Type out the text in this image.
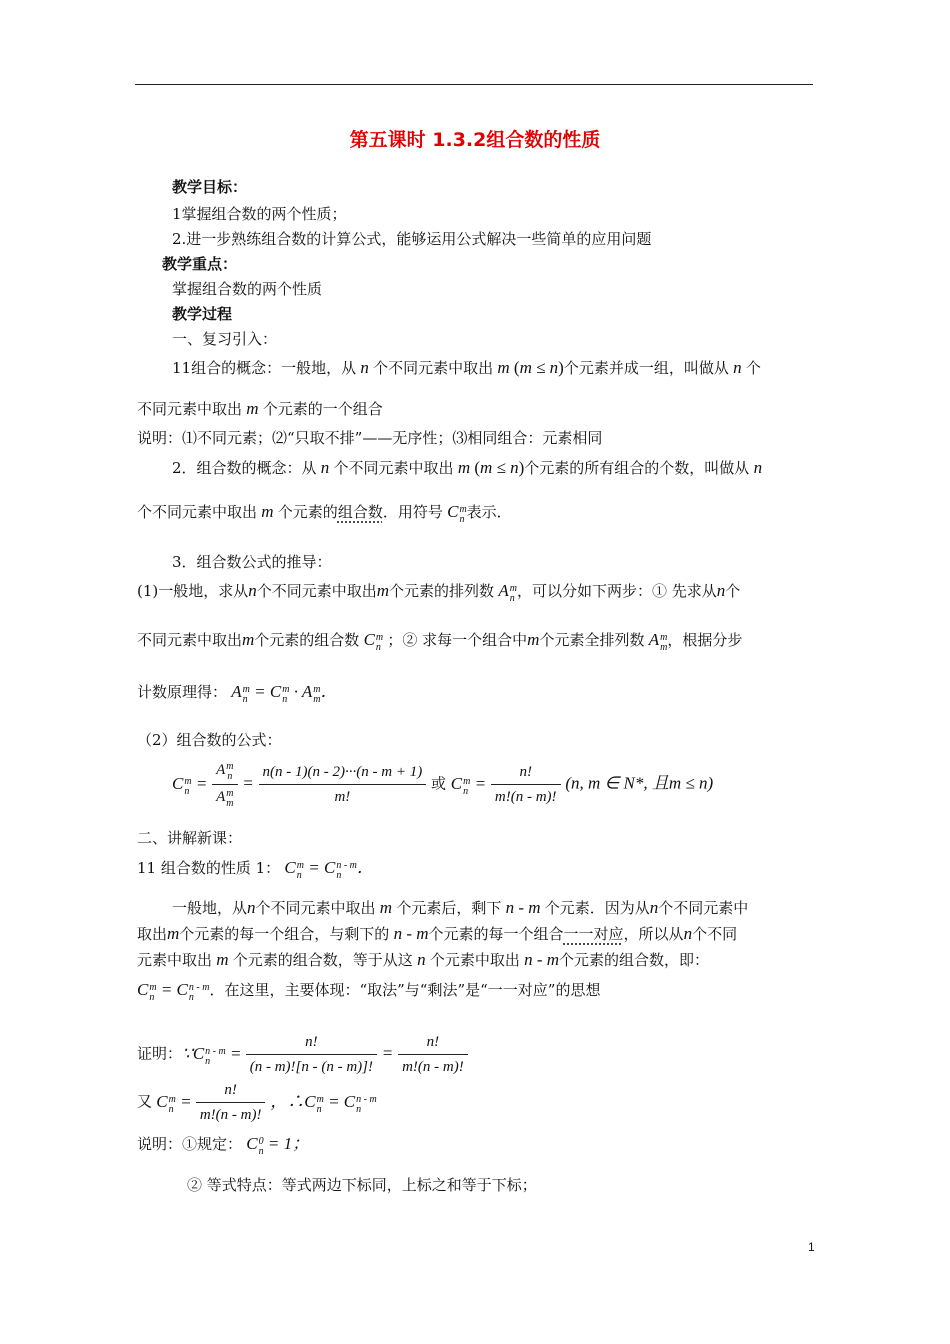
第五课时 1.3.2组合数的性质
教学目标：
1掌握组合数的两个性质；
2.进一步熟练组合数的计算公式，能够运用公式解决一些简单的应用问题
教学重点：
掌握组合数的两个性质
教学过程
一、复习引入：
11组合的概念：一般地，从 n 个不同元素中取出 m (m ≤ n)个元素并成一组，叫做从 n 个
不同元素中取出 m 个元素的一个组合
说明：⑴不同元素；⑵“只取不排”——无序性；⑶相同组合：元素相同
2．组合数的概念：从 n 个不同元素中取出 m (m ≤ n)个元素的所有组合的个数，叫做从 n
个不同元素中取出 m 个元素的组合数．用符号 C m
n 表示．
3．组合数公式的推导：
(1)一般地，求从n个不同元素中取出m个元素的排列数 A m
n ，可以分如下两步：① 先求从n个
不同元素中取出m个元素的组合数 C m
n ；② 求每一个组合中m个元素全排列数 A m
m ，根据分步
计数原理得： A m
n = C m
n · A m
m ．
（2）组合数的公式：
C m
n = A m
n
A m
$m = \frac{n(n - 1)(n - 2)\cdot\cdot\cdot(n - m + 1)}{m!}$ 或 C m
$n = \frac{n!}{m!(n - m)!} (n$, m ∈ N*, 且m ≤ n)
二、讲解新课：
11 组合数的性质 1： C m
n = C n - m
n ．
一般地，从n个不同元素中取出 m 个元素后，剩下 n - m 个元素．因为从n个不同元素中
取出m个元素的每一个组合，与剩下的 n - m个元素的每一个组合一一对应，所以从n个不同
元素中取出 m 个元素的组合数，等于从这 n 个元素中取出 n - m个元素的组合数，即：
C m
n = C n - m
n	．在这里，主要体现：“取法”与“剩法”是“一一对应”的思想
证明：∵C n - m
$n = \frac{n!}{(n - m)![n - (n - m)]!} = \frac{n!}{m!(n - m)!}$
又 C m
$n = \frac{n!}{m!(n - m)!}$ ，∴C m
n = C n - m
n
说明：①规定： C 0
n = 1；
② 等式特点：等式两边下标同，上标之和等于下标；
1
